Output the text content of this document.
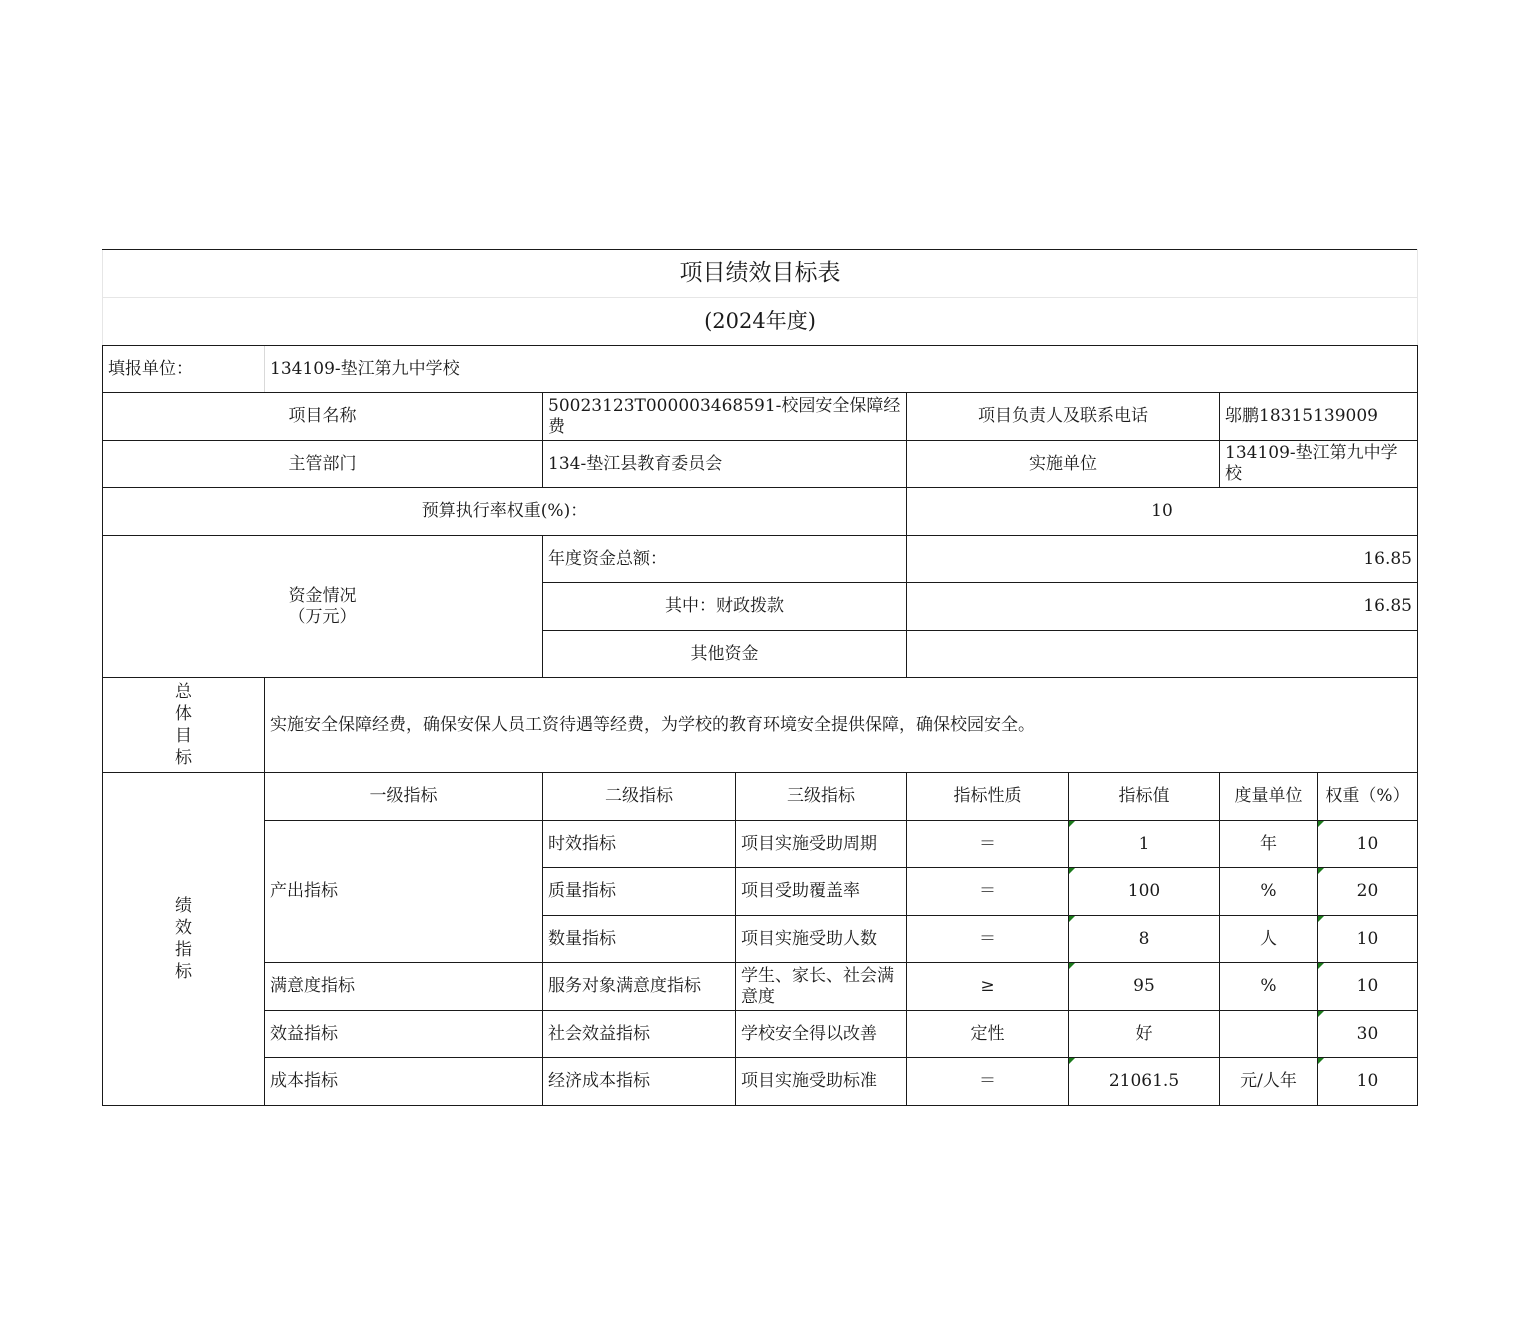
项目绩效目标表							
(2024年度)							
填报单位：	134109-垫江第九中学校						
项目名称		50023123T000003468591-校园安全保障经费		项目负责人及联系电话		邬鹏18315139009	
主管部门		134-垫江县教育委员会		实施单位		134109-垫江第九中学校	
预算执行率权重(%)：				10			

资金情况
（万元）		年度资金总额：		16.85			
		其中：财政拨款		16.85			
		其他资金					
总
体
目
标	实施安全保障经费，确保安保人员工资待遇等经费，为学校的教育环境安全提供保障，确保校园安全。						
绩
效
指
标	一级指标	二级指标	三级指标	指标性质	指标值	度量单位	权重（%）
	产出指标	时效指标	项目实施受助周期	＝	1	年	10
		质量指标	项目受助覆盖率	＝	100	%	20
		数量指标	项目实施受助人数	＝	8	人	10
	满意度指标	服务对象满意度指标	学生、家长、社会满意度	≥	95	%	10
	效益指标	社会效益指标	学校安全得以改善	定性	好		30
	成本指标	经济成本指标	项目实施受助标准	＝	21061.5	元/人年	10
